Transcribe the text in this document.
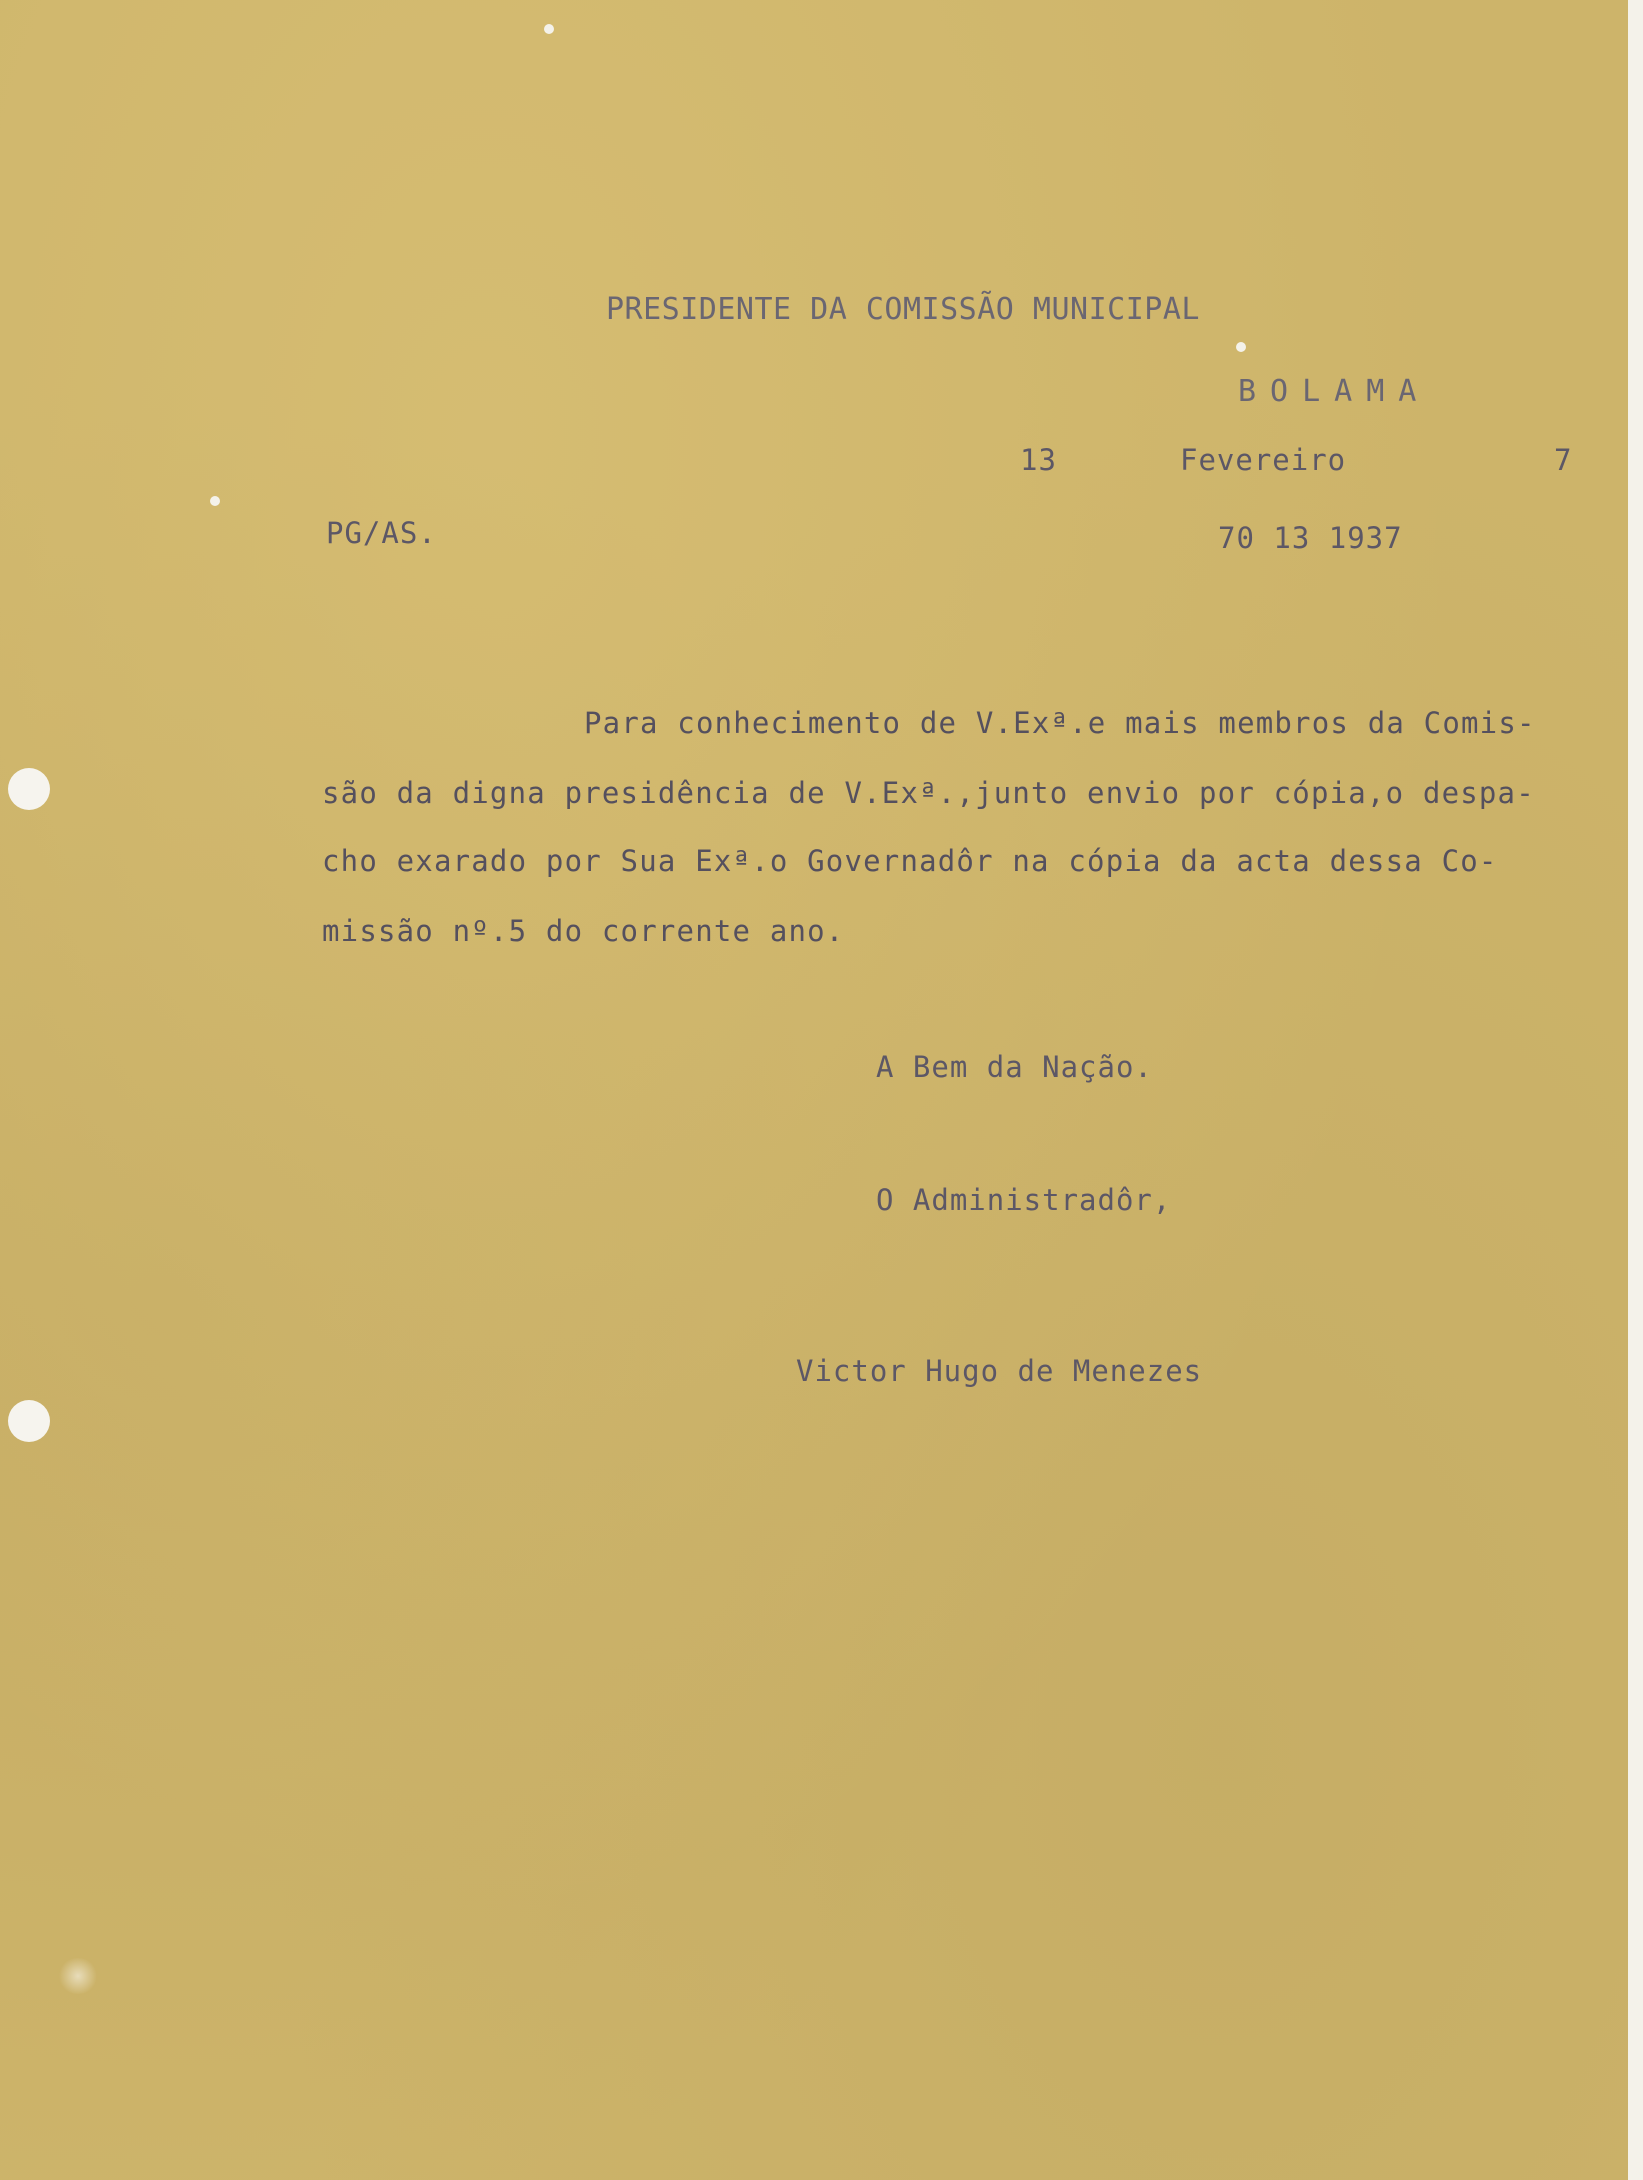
PRESIDENTE DA COMISSÃO MUNICIPAL
BOLAMA
13	Fevereiro	7
PG/AS.	70 13 1937
Para conhecimento de V.Exª.e mais membros da Comis-
são da digna presidência de V.Exª.,junto envio por cópia,o despa-
cho exarado por Sua Exª.o Governadôr na cópia da acta dessa Co-
missão nº.5 do corrente ano.
A Bem da Nação.
O Administradôr,
Victor Hugo de Menezes
